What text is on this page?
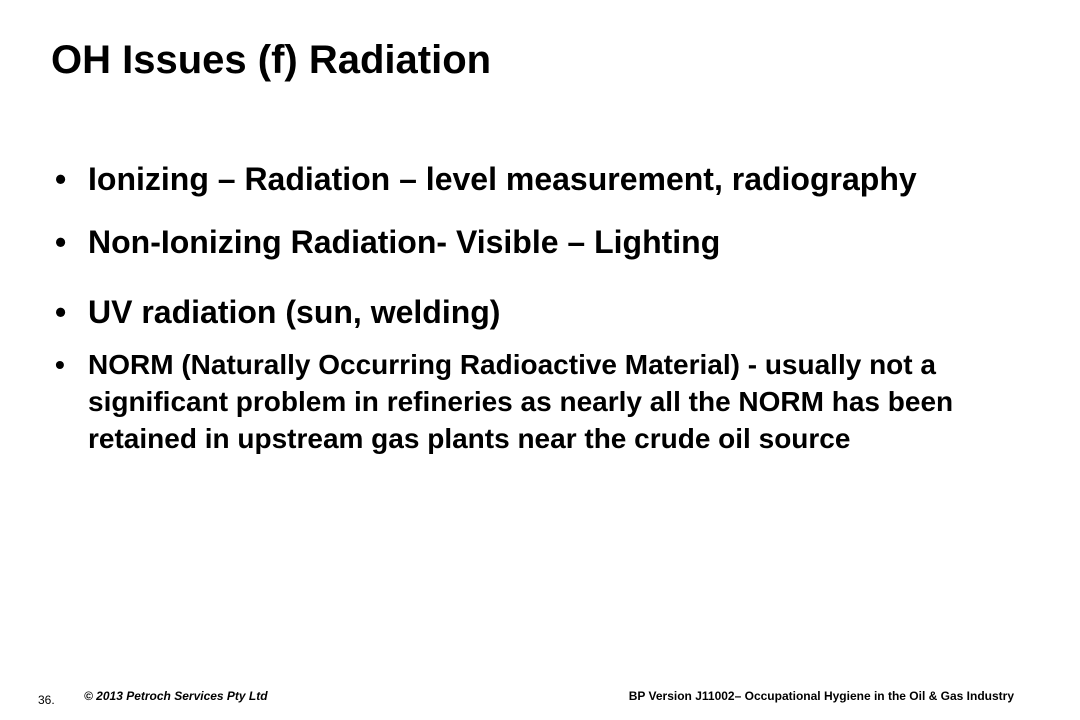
OH Issues (f) Radiation
• Ionizing – Radiation – level measurement, radiography
• Non-Ionizing Radiation- Visible – Lighting
• UV radiation (sun, welding)
• NORM (Naturally Occurring Radioactive Material) - usually not a significant problem in refineries as nearly all the NORM has been retained in upstream gas plants near the crude oil source
36. © 2013 Petroch Services Pty Ltd	BP Version J11002– Occupational Hygiene in the Oil & Gas Industry
